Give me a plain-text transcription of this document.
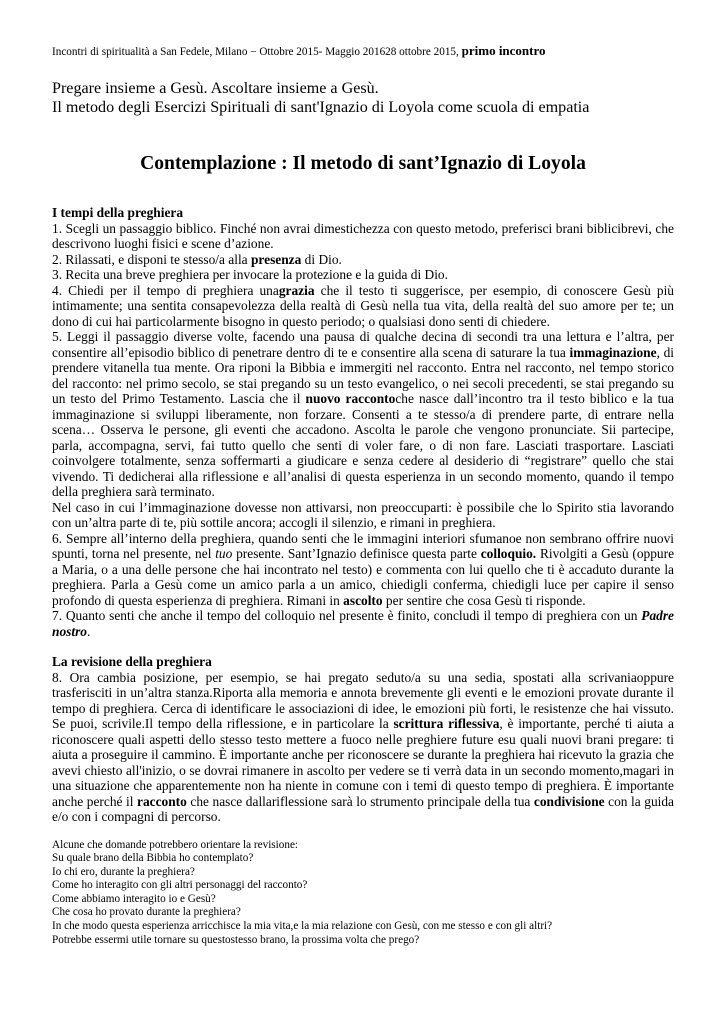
Incontri di spiritualità a San Fedele, Milano − Ottobre 2015- Maggio 201628 ottobre 2015, primo incontro
Pregare insieme a Gesù. Ascoltare insieme a Gesù.
Il metodo degli Esercizi Spirituali di sant'Ignazio di Loyola come scuola di empatia
Contemplazione : Il metodo di sant’Ignazio di Loyola
I tempi della preghiera
1. Scegli un passaggio biblico. Finché non avrai dimestichezza con questo metodo, preferisci brani biblicibrevi, che descrivono luoghi fisici e scene d’azione.
2. Rilassati, e disponi te stesso/a alla presenza di Dio.
3. Recita una breve preghiera per invocare la protezione e la guida di Dio.
4. Chiedi per il tempo di preghiera unagrazia che il testo ti suggerisce, per esempio, di conoscere Gesù più intimamente; una sentita consapevolezza della realtà di Gesù nella tua vita, della realtà del suo amore per te; un dono di cui hai particolarmente bisogno in questo periodo; o qualsiasi dono senti di chiedere.
5. Leggi il passaggio diverse volte, facendo una pausa di qualche decina di secondi tra una lettura e l’altra, per consentire all’episodio biblico di penetrare dentro di te e consentire alla scena di saturare la tua immaginazione, di prendere vitanella tua mente. Ora riponi la Bibbia e immergiti nel racconto. Entra nel racconto, nel tempo storico del racconto: nel primo secolo, se stai pregando su un testo evangelico, o nei secoli precedenti, se stai pregando su un testo del Primo Testamento. Lascia che il nuovo raccontoche nasce dall’incontro tra il testo biblico e la tua immaginazione si sviluppi liberamente, non forzare. Consenti a te stesso/a di prendere parte, di entrare nella scena… Osserva le persone, gli eventi che accadono. Ascolta le parole che vengono pronunciate. Sii partecipe, parla, accompagna, servi, fai tutto quello che senti di voler fare, o di non fare. Lasciati trasportare. Lasciati coinvolgere totalmente, senza soffermarti a giudicare e senza cedere al desiderio di “registrare” quello che stai vivendo. Ti dedicherai alla riflessione e all’analisi di questa esperienza in un secondo momento, quando il tempo della preghiera sarà terminato.
Nel caso in cui l’immaginazione dovesse non attivarsi, non preoccuparti: è possibile che lo Spirito stia lavorando con un’altra parte di te, più sottile ancora; accogli il silenzio, e rimani in preghiera.
6. Sempre all’interno della preghiera, quando senti che le immagini interiori sfumanoe non sembrano offrire nuovi spunti, torna nel presente, nel tuo presente. Sant’Ignazio definisce questa parte colloquio. Rivolgiti a Gesù (oppure a Maria, o a una delle persone che hai incontrato nel testo) e commenta con lui quello che ti è accaduto durante la preghiera. Parla a Gesù come un amico parla a un amico, chiedigli conferma, chiedigli luce per capire il senso profondo di questa esperienza di preghiera. Rimani in ascolto per sentire che cosa Gesù ti risponde.
7. Quanto senti che anche il tempo del colloquio nel presente è finito, concludi il tempo di preghiera con un Padre nostro.
La revisione della preghiera
8. Ora cambia posizione, per esempio, se hai pregato seduto/a su una sedia, spostati alla scrivaniaoppure trasferisciti in un’altra stanza.Riporta alla memoria e annota brevemente gli eventi e le emozioni provate durante il tempo di preghiera. Cerca di identificare le associazioni di idee, le emozioni più forti, le resistenze che hai vissuto. Se puoi, scrivile.Il tempo della riflessione, e in particolare la scrittura riflessiva, è importante, perché ti aiuta a riconoscere quali aspetti dello stesso testo mettere a fuoco nelle preghiere future esu quali nuovi brani pregare: ti aiuta a proseguire il cammino. È importante anche per riconoscere se durante la preghiera hai ricevuto la grazia che avevi chiesto all'inizio, o se dovrai rimanere in ascolto per vedere se ti verrà data in un secondo momento,magari in una situazione che apparentemente non ha niente in comune con i temi di questo tempo di preghiera. È importante anche perché il racconto che nasce dallariflessione sarà lo strumento principale della tua condivisione con la guida e/o con i compagni di percorso.
Alcune che domande potrebbero orientare la revisione:
Su quale brano della Bibbia ho contemplato?
Io chi ero, durante la preghiera?
Come ho interagito con gli altri personaggi del racconto?
Come abbiamo interagito io e Gesù?
Che cosa ho provato durante la preghiera?
In che modo questa esperienza arricchisce la mia vita,e la mia relazione con Gesù, con me stesso e con gli altri?
Potrebbe essermi utile tornare su questostesso brano, la prossima volta che prego?
